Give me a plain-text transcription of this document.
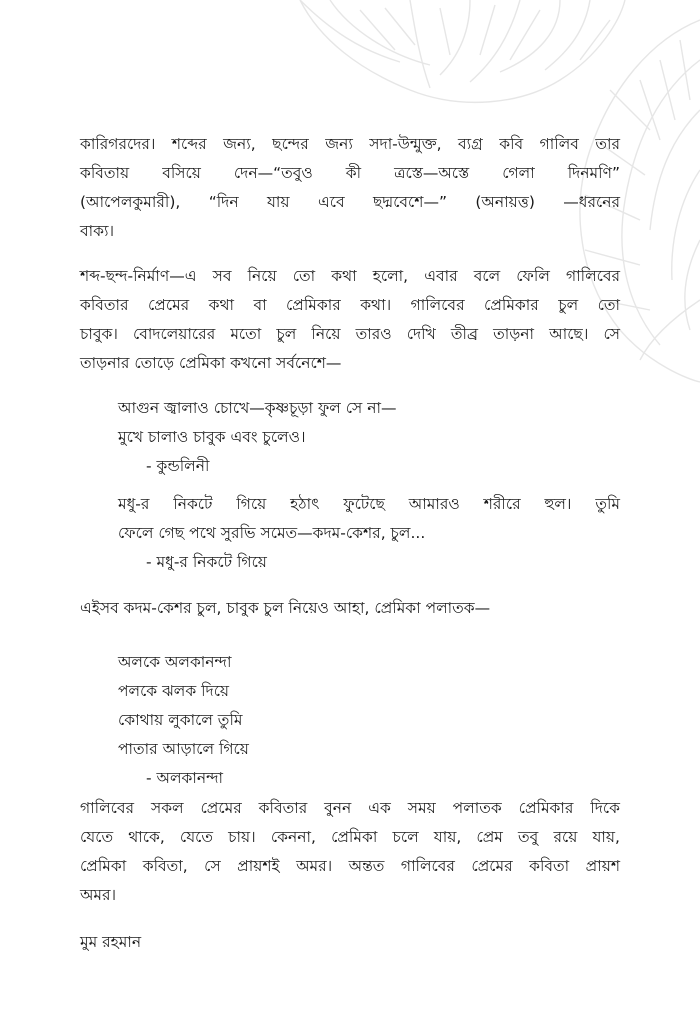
কারিগরদের। শব্দের জন্য, ছন্দের জন্য সদা-উন্মুক্ত, ব্যগ্র কবি গালিব তার
কবিতায় বসিয়ে দেন—“তবুও কী ত্রস্তে—অস্তে গেলা দিনমণি”
(আপেলকুমারী), “দিন যায় এবে ছদ্মবেশে—” (অনায়ত্ত) —ধরনের
বাক্য।
শব্দ-ছন্দ-নির্মাণ—এ সব নিয়ে তো কথা হলো, এবার বলে ফেলি গালিবের
কবিতার প্রেমের কথা বা প্রেমিকার কথা। গালিবের প্রেমিকার চুল তো
চাবুক। বোদলেয়ারের মতো চুল নিয়ে তারও দেখি তীব্র তাড়না আছে। সে
তাড়নার তোড়ে প্রেমিকা কখনো সর্বনেশে—
আগুন জ্বালাও চোখে—কৃষ্ণচূড়া ফুল সে না—
মুখে চালাও চাবুক এবং চুলেও।
- কুন্ডলিনী
মধু-র নিকটে গিয়ে হঠাৎ ফুটেছে আমারও শরীরে হুল। তুমি
ফেলে গেছ পথে সুরভি সমেত—কদম-কেশর, চুল...
- মধু-র নিকটে গিয়ে
এইসব কদম-কেশর চুল, চাবুক চুল নিয়েও আহা, প্রেমিকা পলাতক—
অলকে অলকানন্দা
পলকে ঝলক দিয়ে
কোথায় লুকালে তুমি
পাতার আড়ালে গিয়ে
- অলকানন্দা
গালিবের সকল প্রেমের কবিতার বুনন এক সময় পলাতক প্রেমিকার দিকে
যেতে থাকে, যেতে চায়। কেননা, প্রেমিকা চলে যায়, প্রেম তবু রয়ে যায়,
প্রেমিকা কবিতা, সে প্রায়শই অমর। অন্তত গালিবের প্রেমের কবিতা প্রায়শ
অমর।
মুম রহমান
